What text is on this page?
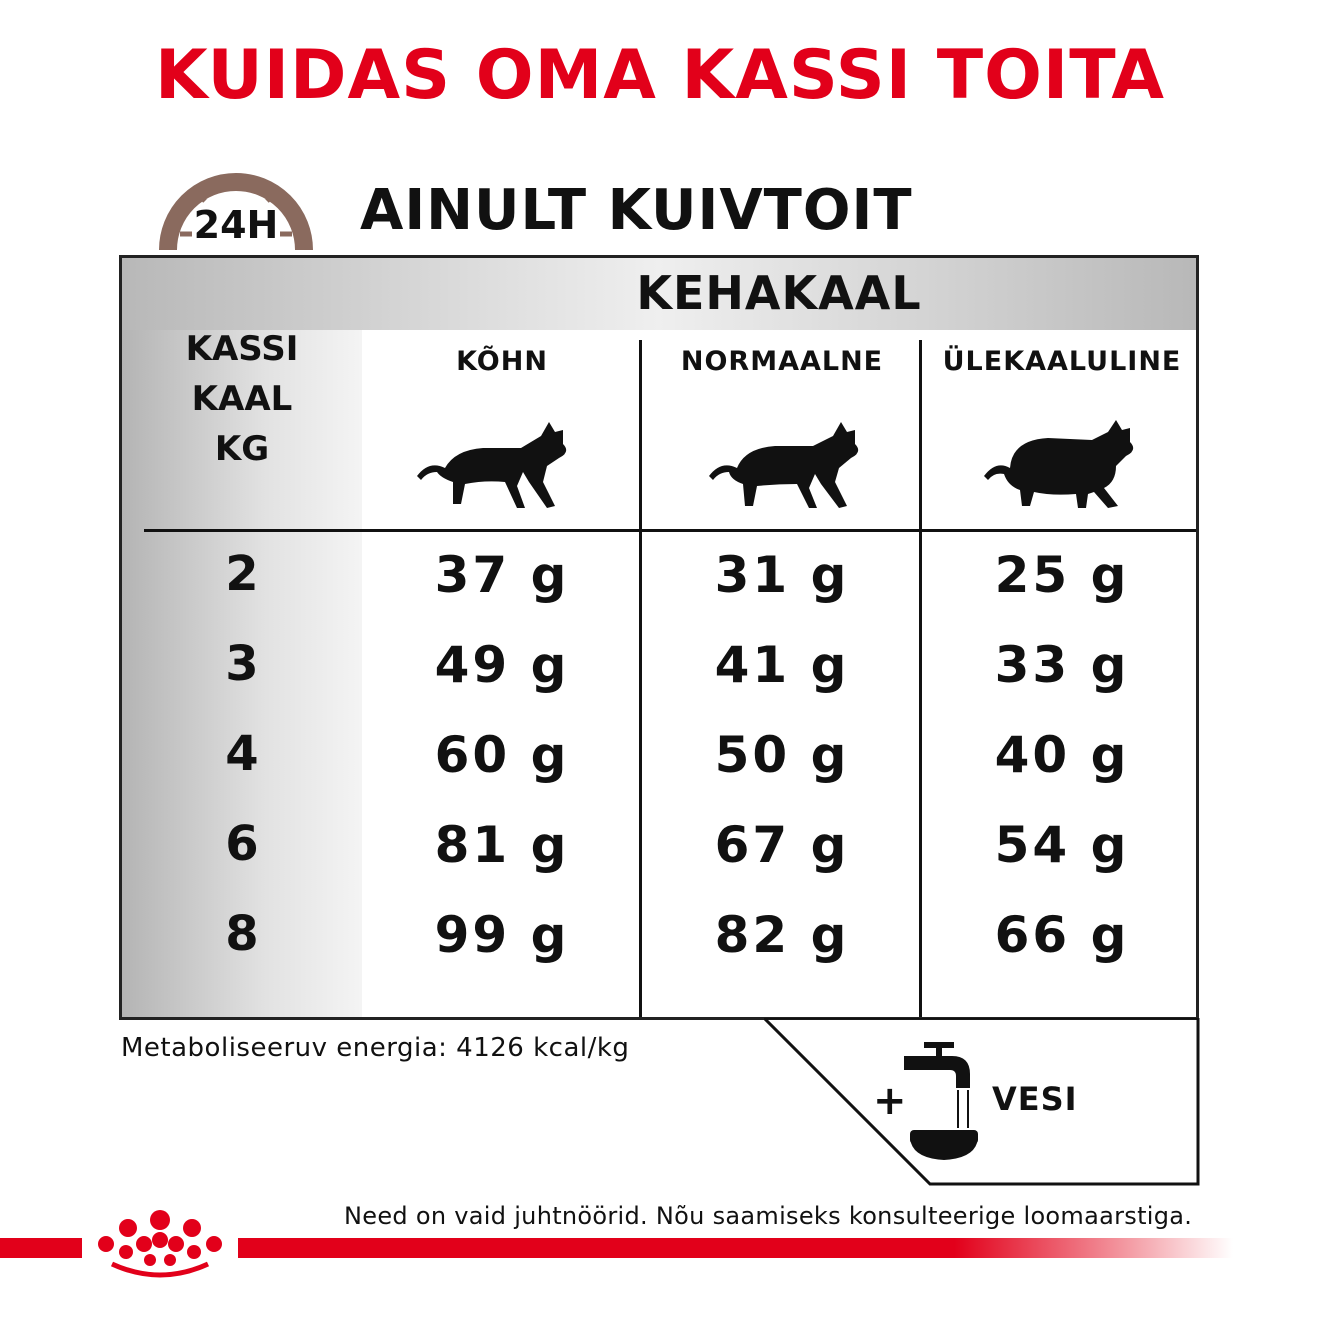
KUIDAS OMA KASSI TOITA
24H AINULT KUIVTOIT
KEHAKAAL
KASSI
KAAL
KG
KÕHN	NORMAALNE	ÜLEKAALULINE
2	37 g	31 g	25 g
3	49 g	41 g	33 g
4	60 g	50 g	40 g
6	81 g	67 g	54 g
8	99 g	82 g	66 g
Metaboliseeruv energia: 4126 kcal/kg
+	VESI
Need on vaid juhtnöörid. Nõu saamiseks konsulteerige loomaarstiga.
